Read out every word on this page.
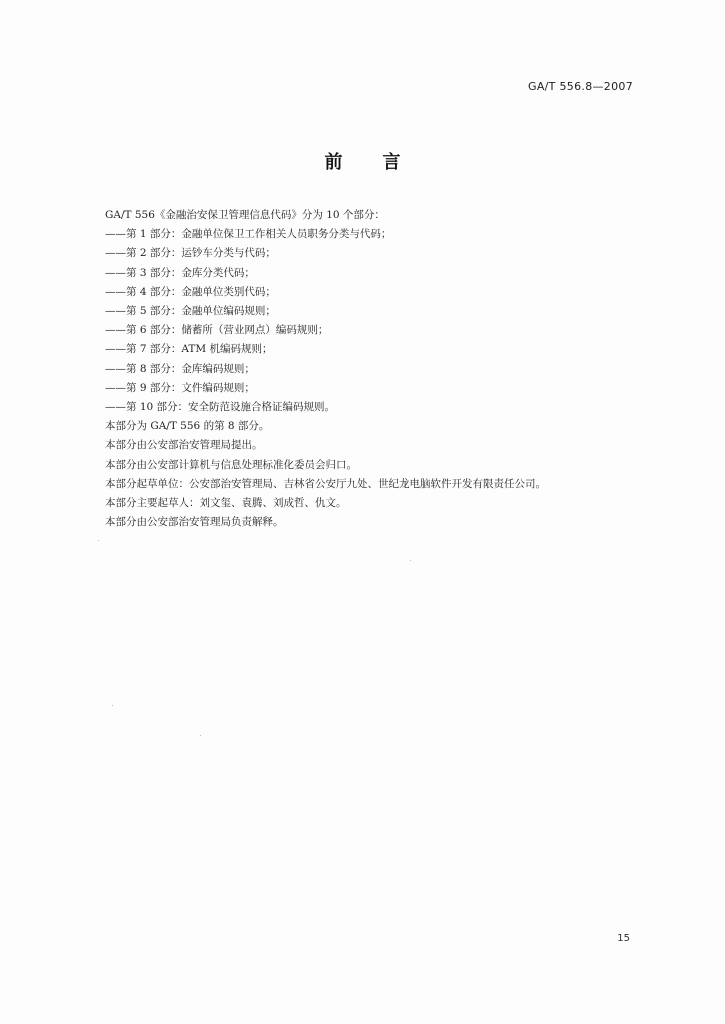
GA/T 556.8—2007
前言
GA/T 556《金融治安保卫管理信息代码》分为 10 个部分：
——第 1 部分：金融单位保卫工作相关人员职务分类与代码；
——第 2 部分：运钞车分类与代码；
——第 3 部分：金库分类代码；
——第 4 部分：金融单位类别代码；
——第 5 部分：金融单位编码规则；
——第 6 部分：储蓄所（营业网点）编码规则；
——第 7 部分：ATM 机编码规则；
——第 8 部分：金库编码规则；
——第 9 部分：文件编码规则；
——第 10 部分：安全防范设施合格证编码规则。
本部分为 GA/T 556 的第 8 部分。
本部分由公安部治安管理局提出。
本部分由公安部计算机与信息处理标准化委员会归口。
本部分起草单位：公安部治安管理局、吉林省公安厅九处、世纪龙电脑软件开发有限责任公司。
本部分主要起草人：刘文玺、袁腾、刘成哲、仇文。
本部分由公安部治安管理局负责解释。
15
